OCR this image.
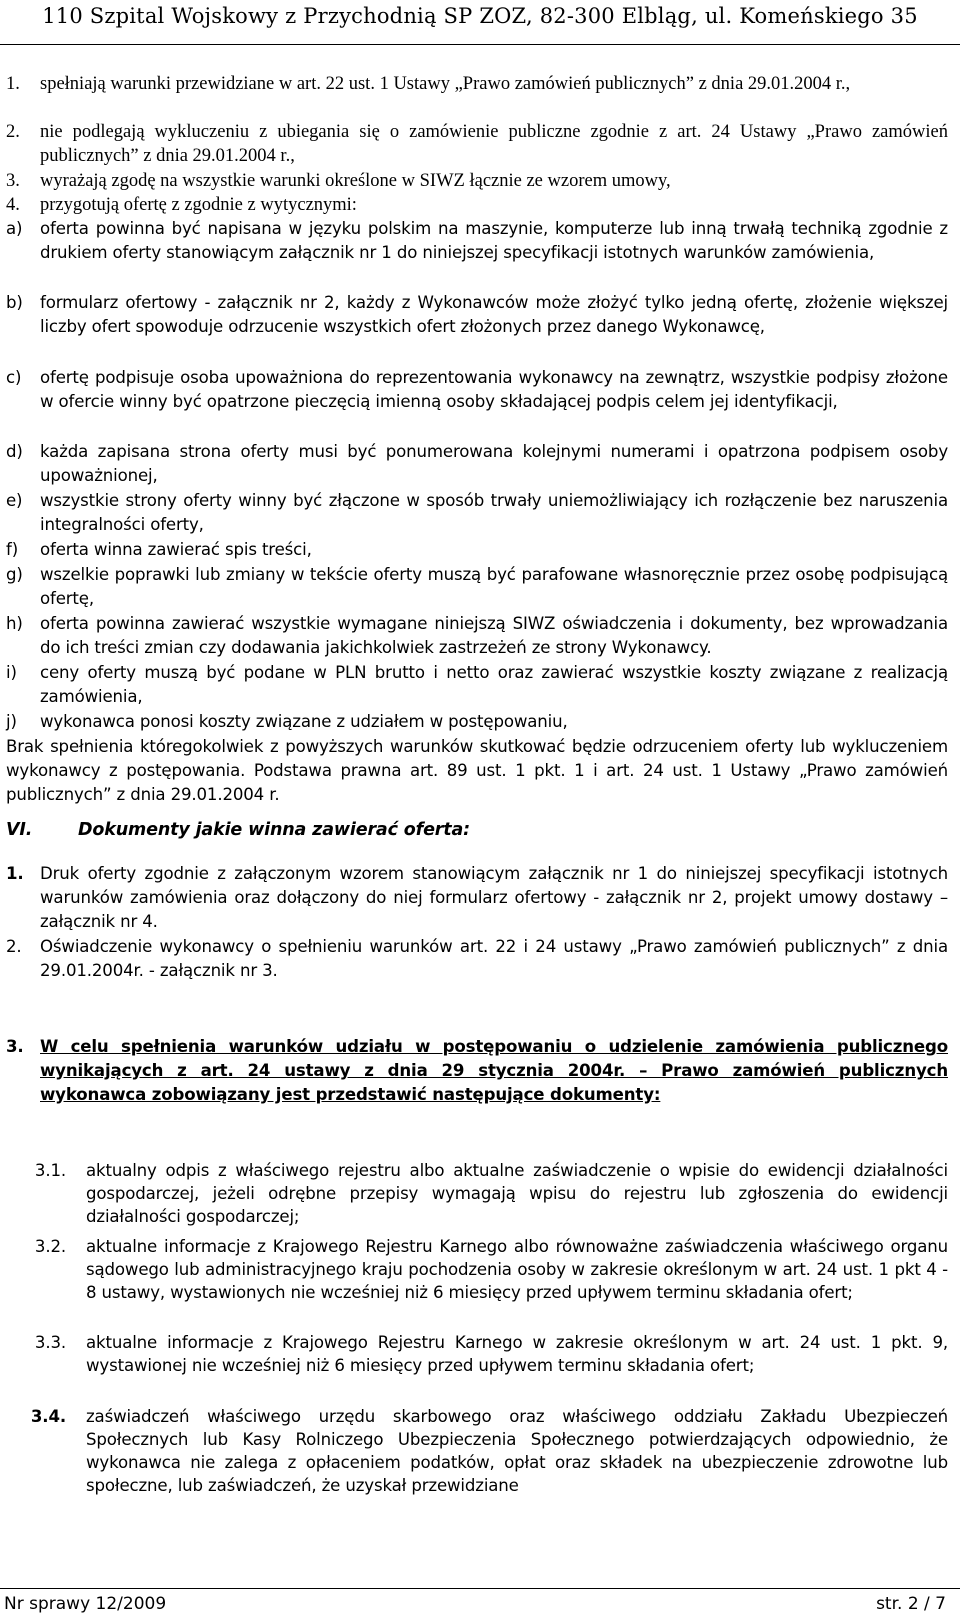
110 Szpital Wojskowy z Przychodnią SP ZOZ, 82-300 Elbląg, ul. Komeńskiego 35
1. spełniają warunki przewidziane w art. 22 ust. 1 Ustawy „Prawo zamówień publicznych” z dnia 29.01.2004 r.,
2. nie podlegają wykluczeniu z ubiegania się o zamówienie publiczne zgodnie z art. 24 Ustawy „Prawo zamówień publicznych” z dnia 29.01.2004 r.,
3. wyrażają zgodę na wszystkie warunki określone w SIWZ łącznie ze wzorem umowy,
4. przygotują ofertę z zgodnie z wytycznymi:
a) oferta powinna być napisana w języku polskim na maszynie, komputerze lub inną trwałą techniką zgodnie z drukiem oferty stanowiącym załącznik nr 1 do niniejszej specyfikacji istotnych warunków zamówienia,
b) formularz ofertowy - załącznik nr 2, każdy z Wykonawców może złożyć tylko jedną ofertę, złożenie większej liczby ofert spowoduje odrzucenie wszystkich ofert złożonych przez danego Wykonawcę,
c) ofertę podpisuje osoba upoważniona do reprezentowania wykonawcy na zewnątrz, wszystkie podpisy złożone w ofercie winny być opatrzone pieczęcią imienną osoby składającej podpis celem jej identyfikacji,
d) każda zapisana strona oferty musi być ponumerowana kolejnymi numerami i opatrzona podpisem osoby upoważnionej,
e) wszystkie strony oferty winny być złączone w sposób trwały uniemożliwiający ich rozłączenie bez naruszenia integralności oferty,
f) oferta winna zawierać spis treści,
g) wszelkie poprawki lub zmiany w tekście oferty muszą być parafowane własnoręcznie przez osobę podpisującą ofertę,
h) oferta powinna zawierać wszystkie wymagane niniejszą SIWZ oświadczenia i dokumenty, bez wprowadzania do ich treści zmian czy dodawania jakichkolwiek zastrzeżeń ze strony Wykonawcy.
i) ceny oferty muszą być podane w PLN brutto i netto oraz zawierać wszystkie koszty związane z realizacją zamówienia,
j) wykonawca ponosi koszty związane z udziałem w postępowaniu,
Brak spełnienia któregokolwiek z powyższych warunków skutkować będzie odrzuceniem oferty lub wykluczeniem wykonawcy z postępowania. Podstawa prawna art. 89 ust. 1 pkt. 1 i art. 24 ust. 1 Ustawy „Prawo zamówień publicznych” z dnia 29.01.2004 r.
VI.	Dokumenty jakie winna zawierać oferta:
1. Druk oferty zgodnie z załączonym wzorem stanowiącym załącznik nr 1 do niniejszej specyfikacji istotnych warunków zamówienia oraz dołączony do niej formularz ofertowy - załącznik nr 2, projekt umowy dostawy – załącznik nr 4.
2. Oświadczenie wykonawcy o spełnieniu warunków art. 22 i 24 ustawy „Prawo zamówień publicznych” z dnia 29.01.2004r. - załącznik nr 3.
3. W celu spełnienia warunków udziału w postępowaniu o udzielenie zamówienia publicznego wynikających z art. 24 ustawy z dnia 29 stycznia 2004r. – Prawo zamówień publicznych wykonawca zobowiązany jest przedstawić następujące dokumenty:
3.1. aktualny odpis z właściwego rejestru albo aktualne zaświadczenie o wpisie do ewidencji działalności gospodarczej, jeżeli odrębne przepisy wymagają wpisu do rejestru lub zgłoszenia do ewidencji działalności gospodarczej;
3.2. aktualne informacje z Krajowego Rejestru Karnego albo równoważne zaświadczenia właściwego organu sądowego lub administracyjnego kraju pochodzenia osoby w zakresie określonym w art. 24 ust. 1 pkt 4 - 8 ustawy, wystawionych nie wcześniej niż 6 miesięcy przed upływem terminu składania ofert;
3.3. aktualne informacje z Krajowego Rejestru Karnego w zakresie określonym w art. 24 ust. 1 pkt. 9, wystawionej nie wcześniej niż 6 miesięcy przed upływem terminu składania ofert;
3.4. zaświadczeń właściwego urzędu skarbowego oraz właściwego oddziału Zakładu Ubezpieczeń Społecznych lub Kasy Rolniczego Ubezpieczenia Społecznego potwierdzających odpowiednio, że wykonawca nie zalega z opłaceniem podatków, opłat oraz składek na ubezpieczenie zdrowotne lub społeczne, lub zaświadczeń, że uzyskał przewidziane
Nr sprawy 12/2009	str. 2 / 7
